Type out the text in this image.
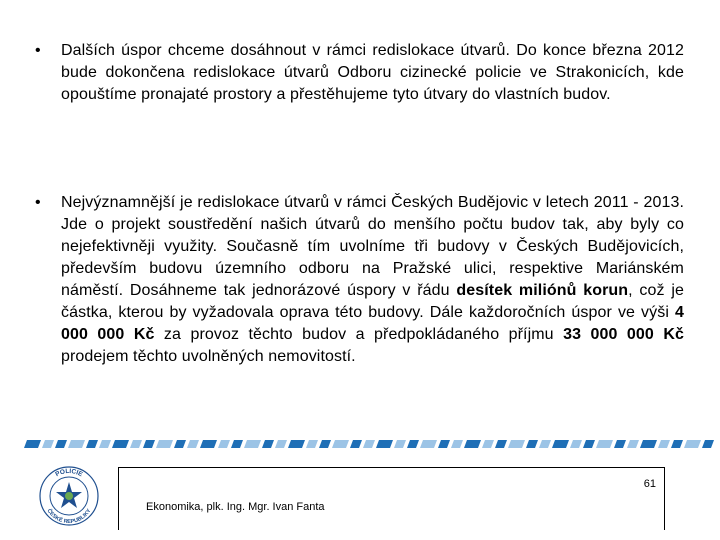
• Dalších úspor chceme dosáhnout v rámci redislokace útvarů. Do konce března 2012 bude dokončena redislokace útvarů Odboru cizinecké policie ve Strakonicích, kde opouštíme pronajaté prostory a přestěhujeme tyto útvary do vlastních budov.
• Nejvýznamnější je redislokace útvarů v rámci Českých Budějovic v letech 2011 - 2013. Jde o projekt soustředění našich útvarů do menšího počtu budov tak, aby byly co nejefektivněji využity. Současně tím uvolníme tři budovy v Českých Budějovicích, především budovu územního odboru na Pražské ulici, respektive Mariánském náměstí. Dosáhneme tak jednorázové úspory v řádu desítek miliónů korun, což je částka, kterou by vyžadovala oprava této budovy. Dále každoročních úspor ve výši 4 000 000 Kč za provoz těchto budov a předpokládaného příjmu 33 000 000 Kč prodejem těchto uvolněných nemovitostí.
POLICIE
ČESKÉ REPUBLIKY
61
Ekonomika, plk. Ing. Mgr. Ivan Fanta
